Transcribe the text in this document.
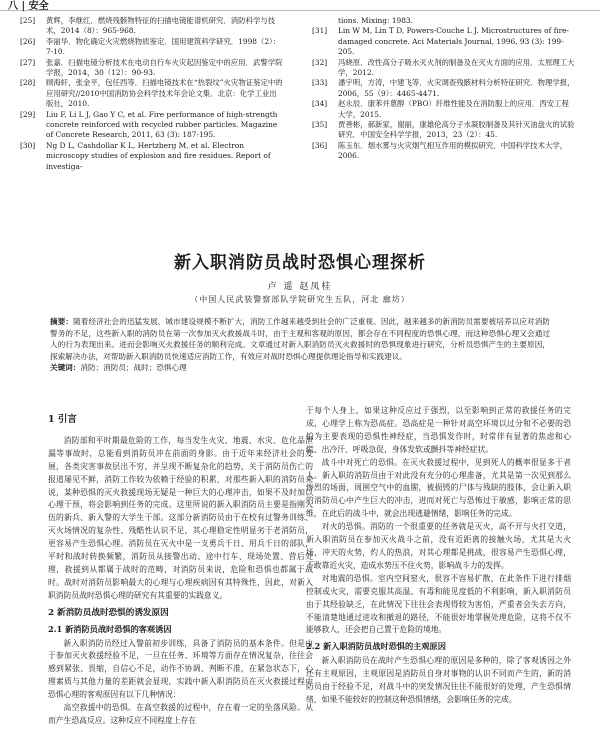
八 | 安全
[25]	黄辉，李继红．燃烧残骸物特征的扫描电镜能谱机研究．消防科学与技术，2014（8）：965-968.
[26]	李丽华．物化确定火灾燃烧物质鉴定．国用建筑科学研究．1998（2）：7-10.
[27]	张嘉．扫描电镜分析技术在电动自行车火灾起因鉴定中的应用．武警学院学报，2014，30（12）：90-93.
[28]	顾海轩，张金平，包任西等．扫描电镜技术在“热裂纹”火灾物证鉴定中的应用研究//2010中国消防协会科学技术年会论文集．北京：化学工业出版社，2010.
[29]	Liu F, Li L J, Gao Y C, et al. Fire performance of high-strength concrete reinforced with recycled rubber particles. Magazine of Concrete Research, 2011, 63 (3): 187-195.
[30]	Ng D L, Cashdollar K L, Hertzberg M, et al. Electron microscopy studies of explosion and fire residues. Report of investiga-
tions. Mixing: 1983.
[31]	Lin W M, Lin T D, Powers-Couche L J. Microstructures of fire-damaged concrete. Aci Materials Journal, 1996, 93 (3): 199-205.
[32]	冯晓原．改性高分子吸水灭火剂的制备及在灭火方面的应用．太原理工大学，2012.
[33]	潘宇明，方涛，中建飞等．火灾调查残骸材料分析特征研究．物理学报，2006，55（9）：4465-4471.
[34]	赵永辰．康苯并蒽醇（PBO）纤维性能及在消防服上的应用．西安工程大学，2015.
[35]	贾善彬，郝新家，谢丽，康雄伦高分子水凝胶制备及其针灭油盘火的试验研究．中国安全科学学报，2013，23（2）：45.
[36]	陈玉东．烟水雾与火灾烟气相互作用的模拟研究．中国科学技术大学，2006.
新入职消防员战时恐惧心理探析
卢 遥 赵凤桂
（中国人民武装警察部队学院研究生五队，河北 廊坊）
摘要：随着经济社会的迅猛发展，城市建设规模不断扩大，消防工作越来越受到社会的广泛重视。因此，越来越多的新消防员需要被培养以应对消防警务的不足，这些新入职的消防员在第一次参加灭火救援战斗时，由于主观和客观的原因，都会存在不同程度的恐惧心理，而这种恐惧心理又会通过人的行为表现出来。进而会影响灭火救援任务的顺利完成。文章通过对新入职消防员灭火救援时的恐惧现象进行研究，分析员恐惧产生的主要原因，探索解决办法，对帮助新入职消防员快速适应消防工作，有效应对战时恐惧心理提供理论指导和实践建议。
关键词：消防；消防员；战时；恐惧心理
1 引言

消防部和平时期最危险的工作，每当发生火灾、地震、水灾、危化品泄漏等事故时，总能看到消防员冲在前面的身影。由于近年来经济社会的发展，各类灾害事故层出不穷，并呈现不断复杂化的趋势，关于消防员伤亡的报道屡见不鲜，消防工作较为依赖于经验的积累，对那些新入职的消防员来说，某种恐惧的灭火救援现场无疑是一种巨大的心理冲击，如果不及时加以心理干预，将会影响到任务的完成。这里所说的新入职消防员主要是指刚入伍的新兵、新入警的大学生干部。这部分新消防员由于在校有过警务训练、灭火场情况的复杂性、残酷性认识不足，其心理稳定性明显劣于老消防员，更容易产生恐惧心理。消防员在灭火中是一支勇兵千日、用兵千日的部队，平时和战时转换频繁，消防员从接警出动、途中行车、现场处置、营后处理，救援到从都属于战时的范畴，对消防员来说，危险和恐惧也都属于战时。战时对消防员影响最大的心理与心理疾病因有其特殊性，因此，对新入职消防员战时恐惧心理的研究有其重要的实践意义。

2 新消防员战时恐惧的诱发原因
2.1 新消防员战时恐惧的客观诱因

新入职消防员经过入警前初步训练，具备了消防员的基本条件。但是由于参加灭火救援经验不足，一旦在任务、环境等方面存在情况复杂，往往会感到紧张、畏缩，自信心不足，动作不协调、判断不准，在紧急状态下，心理素质与其他力量的差距就会显现，实践中新入职消防员在灭火救援过程中恐惧心理的客观原因有以下几种情况：

高空救援中的恐惧。在高空救援的过程中，存在着一定的坠落风险。从而产生恐高反应。这种反应不同程度上存在

于每个人身上，如果这种反应过于强烈，以至影响到正常的救援任务的完成，心理学上称为恐高症。恐高症是一种针对高空环境以过分和不必要的恐怕为主要表现的恐惧性神经症，当恐惧发作时，时常伴有显著的焦虑和心慌、出冷汗、呼吸急促，身体发软或颤抖等神经症状。

战斗中对死亡的恐惧。在灭火救援过程中，见到死人的概率很显多于者人。新入职的消防员由于对此没有充分的心理准备，尤其是第一次见到那么惨烈的场面，周围空气中的血腥，被损毁的尸体与残缺的肢体，会让新入职的消防员心中产生巨大的冲击，进而对死亡与恐怖过于敏感，影响正常的思维，在此后的战斗中，就会出现逃避情绪，影响任务的完成。

对火的恐惧。消防的一个很重要的任务就是灭火，高不开与火打交道，新入职消防员在参加灭火战斗之前，没有近距离的接触火场，尤其是大火场，冲天的火势，灼人的热浪，对其心理都是挑战，很容易产生恐惧心理，不敢靠近火灾，造成水势压不住火势，影响战斗力的发挥。

对地震的恐惧。室内空间窒火，很容不容易扩散，在此条件下进行排烟控制或火灾，需要克服其高温、有毒和能见度低的不利影响，新入职消防员由于其经验缺乏，在此情况下往往会表现得较为害怕，严重者会失去方向，不能清楚地通过进攻和撤退的路径，不能很好地掌握处理危险，这将不仅不能够救人，还会把自己置于危险的境地。

2.2 新入职消防员战时恐惧的主观原因

新入职消防员在战时产生恐惧心理的原因是多种的，除了客观诱因之外还有主观原因，主观原因是消防员自身对事物的认识不同而产生的，新的消防员由于经验不足，对战斗中的突发情况往往不能很好的处理，产生恐惧情绪，如果不能较好的控制这种恐惧情绪，会影响任务的完成。
